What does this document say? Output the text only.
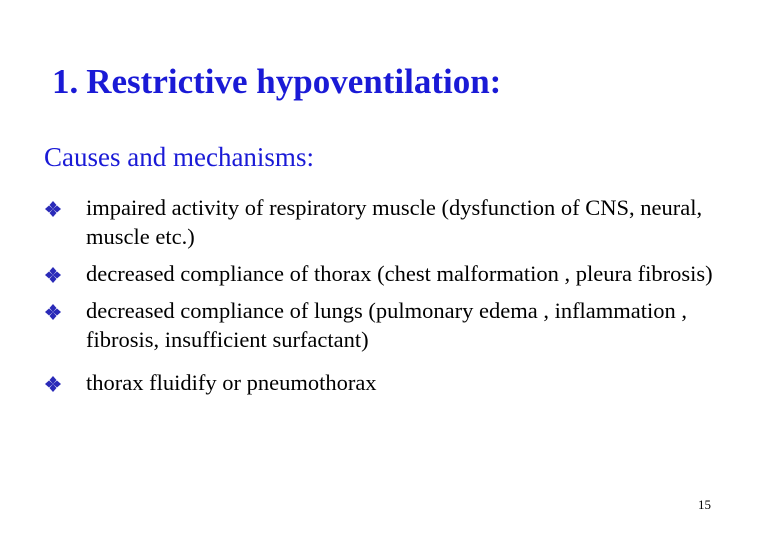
1. Restrictive hypoventilation:
Causes and mechanisms:
impaired activity of respiratory muscle (dysfunction of CNS, neural, muscle etc.)
decreased compliance of thorax (chest malformation , pleura fibrosis)
decreased compliance of lungs (pulmonary edema , inflammation , fibrosis, insufficient surfactant)
thorax fluidify or pneumothorax
15
